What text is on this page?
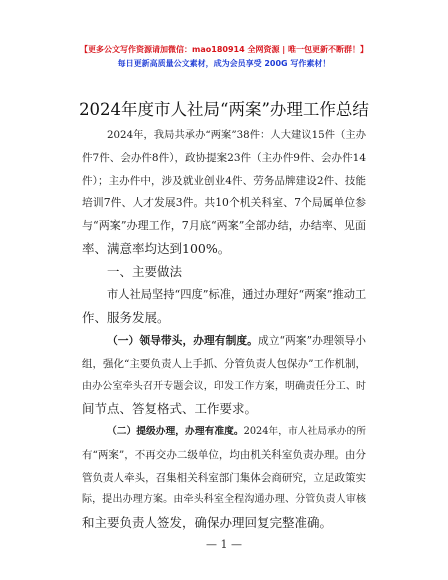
【更多公文写作资源请加微信：mao180914 全网资源 | 唯一包更新不断群！】
每日更新高质量公文素材，成为会员享受 200G 写作素材！
2024年度市人社局“两案”办理工作总结
2024年，我局共承办“两案”38件：人大建议15件（主办
件7件、会办件8件），政协提案23件（主办件9件、会办件14
件）；主办件中，涉及就业创业4件、劳务品牌建设2件、技能
培训7件、人才发展3件。共10个机关科室、7个局属单位参
与“两案”办理工作，7月底“两案”全部办结，办结率、见面
率、满意率均达到100%。
一、主要做法
市人社局坚持“四度”标准，通过办理好“两案”推动工
作、服务发展。
（一）领导带头，办理有制度。成立“两案”办理领导小
组，强化“主要负责人上手抓、分管负责人包保办”工作机制，
由办公室牵头召开专题会议，印发工作方案，明确责任分工、时
间节点、答复格式、工作要求。
（二）提级办理，办理有准度。2024年，市人社局承办的所
有“两案”，不再交办二级单位，均由机关科室负责办理。由分
管负责人牵头，召集相关科室部门集体会商研究，立足政策实
际，提出办理方案。由牵头科室全程沟通办理、分管负责人审核
和主要负责人签发，确保办理回复完整准确。
— 1 —
